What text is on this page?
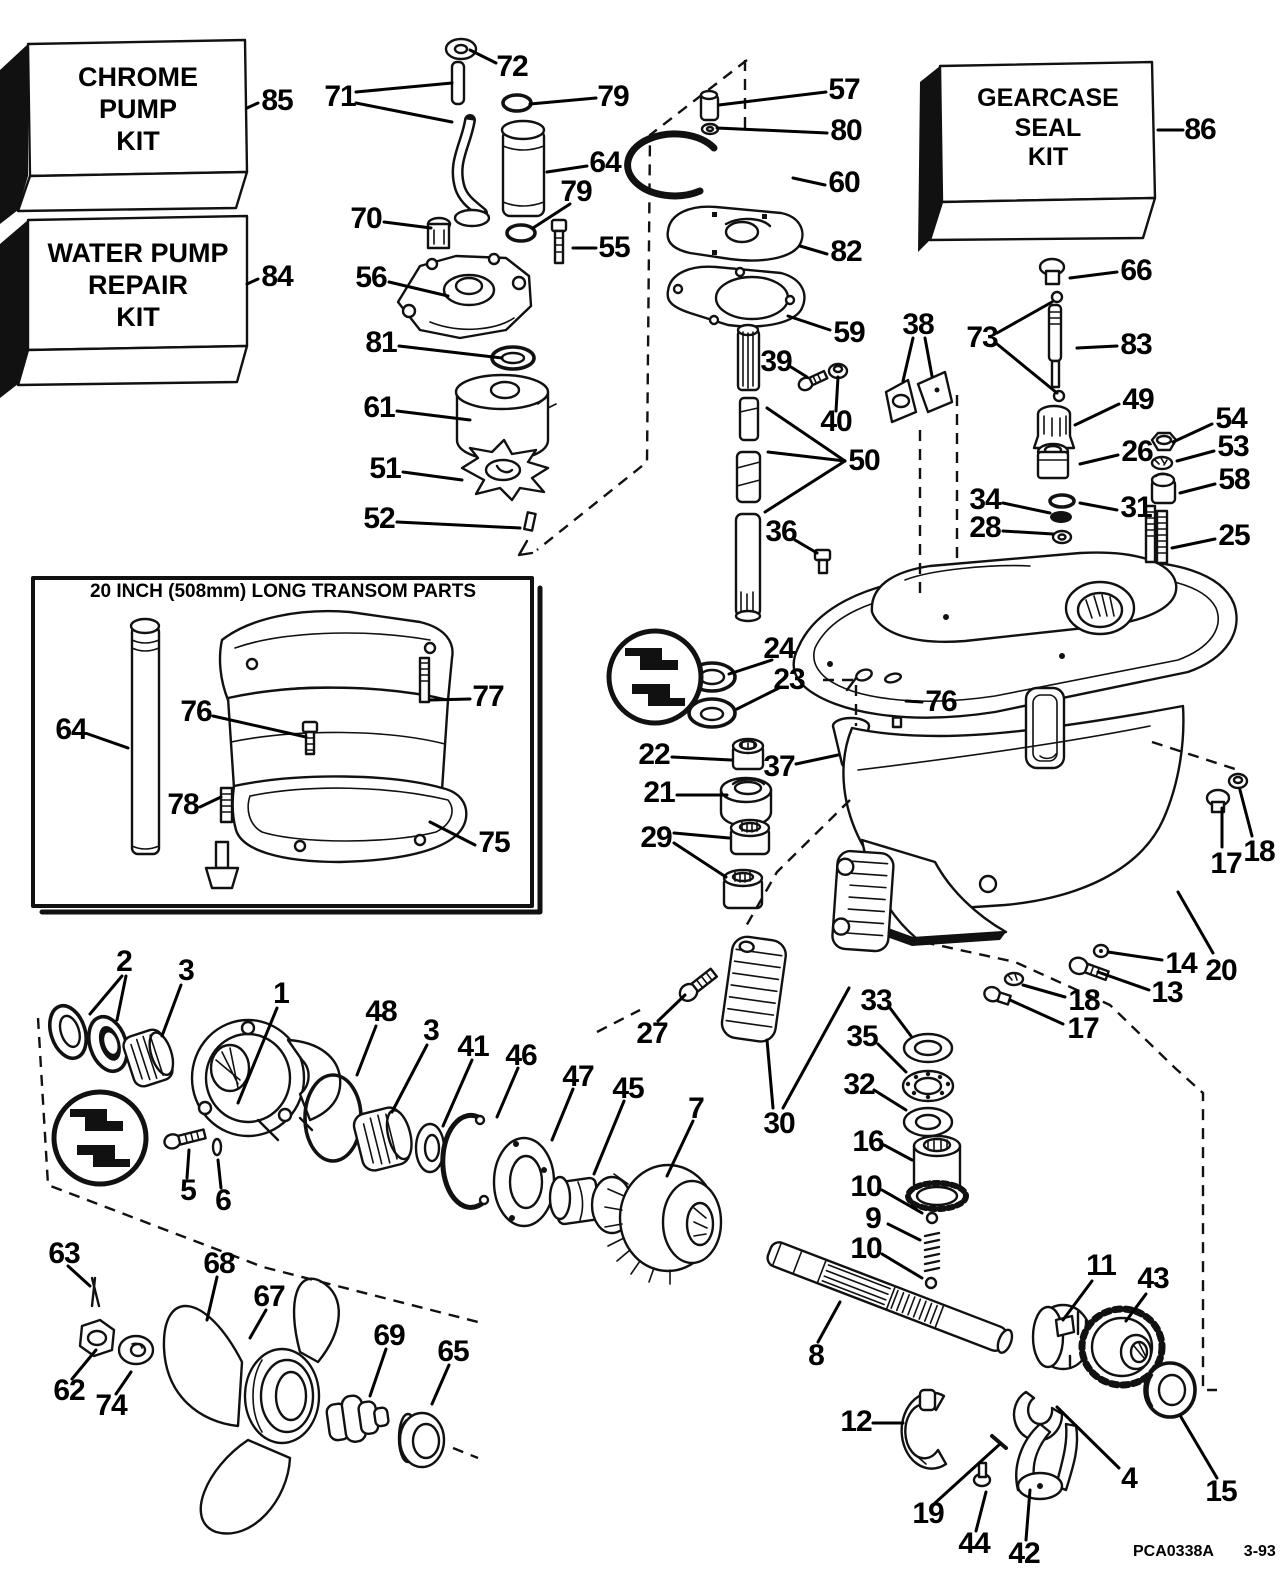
CHROME
PUMP
KIT
WATER PUMP
REPAIR
KIT
GEARCASE
SEAL
KIT
20 INCH (508mm) LONG TRANSOM PARTS
PCA0338A 3-93
85
84
86
72
71	79
64
79
55
70
56
81
61
51
52
57
80
60
82
59
66
73	83
49
54
26 53
58
34	31
28	25
38
39
40
50
36
24
23
22	37
21
29
76
76	77
64
78
75
17 18
20
14
13
18
17
27
30
33
35
32
16
10
9
10
11 43
8
12
4 15
19
44 42
2 3
1
48
3
5 6
41 46
47 45
7
63	68
67
69 65
62 74
